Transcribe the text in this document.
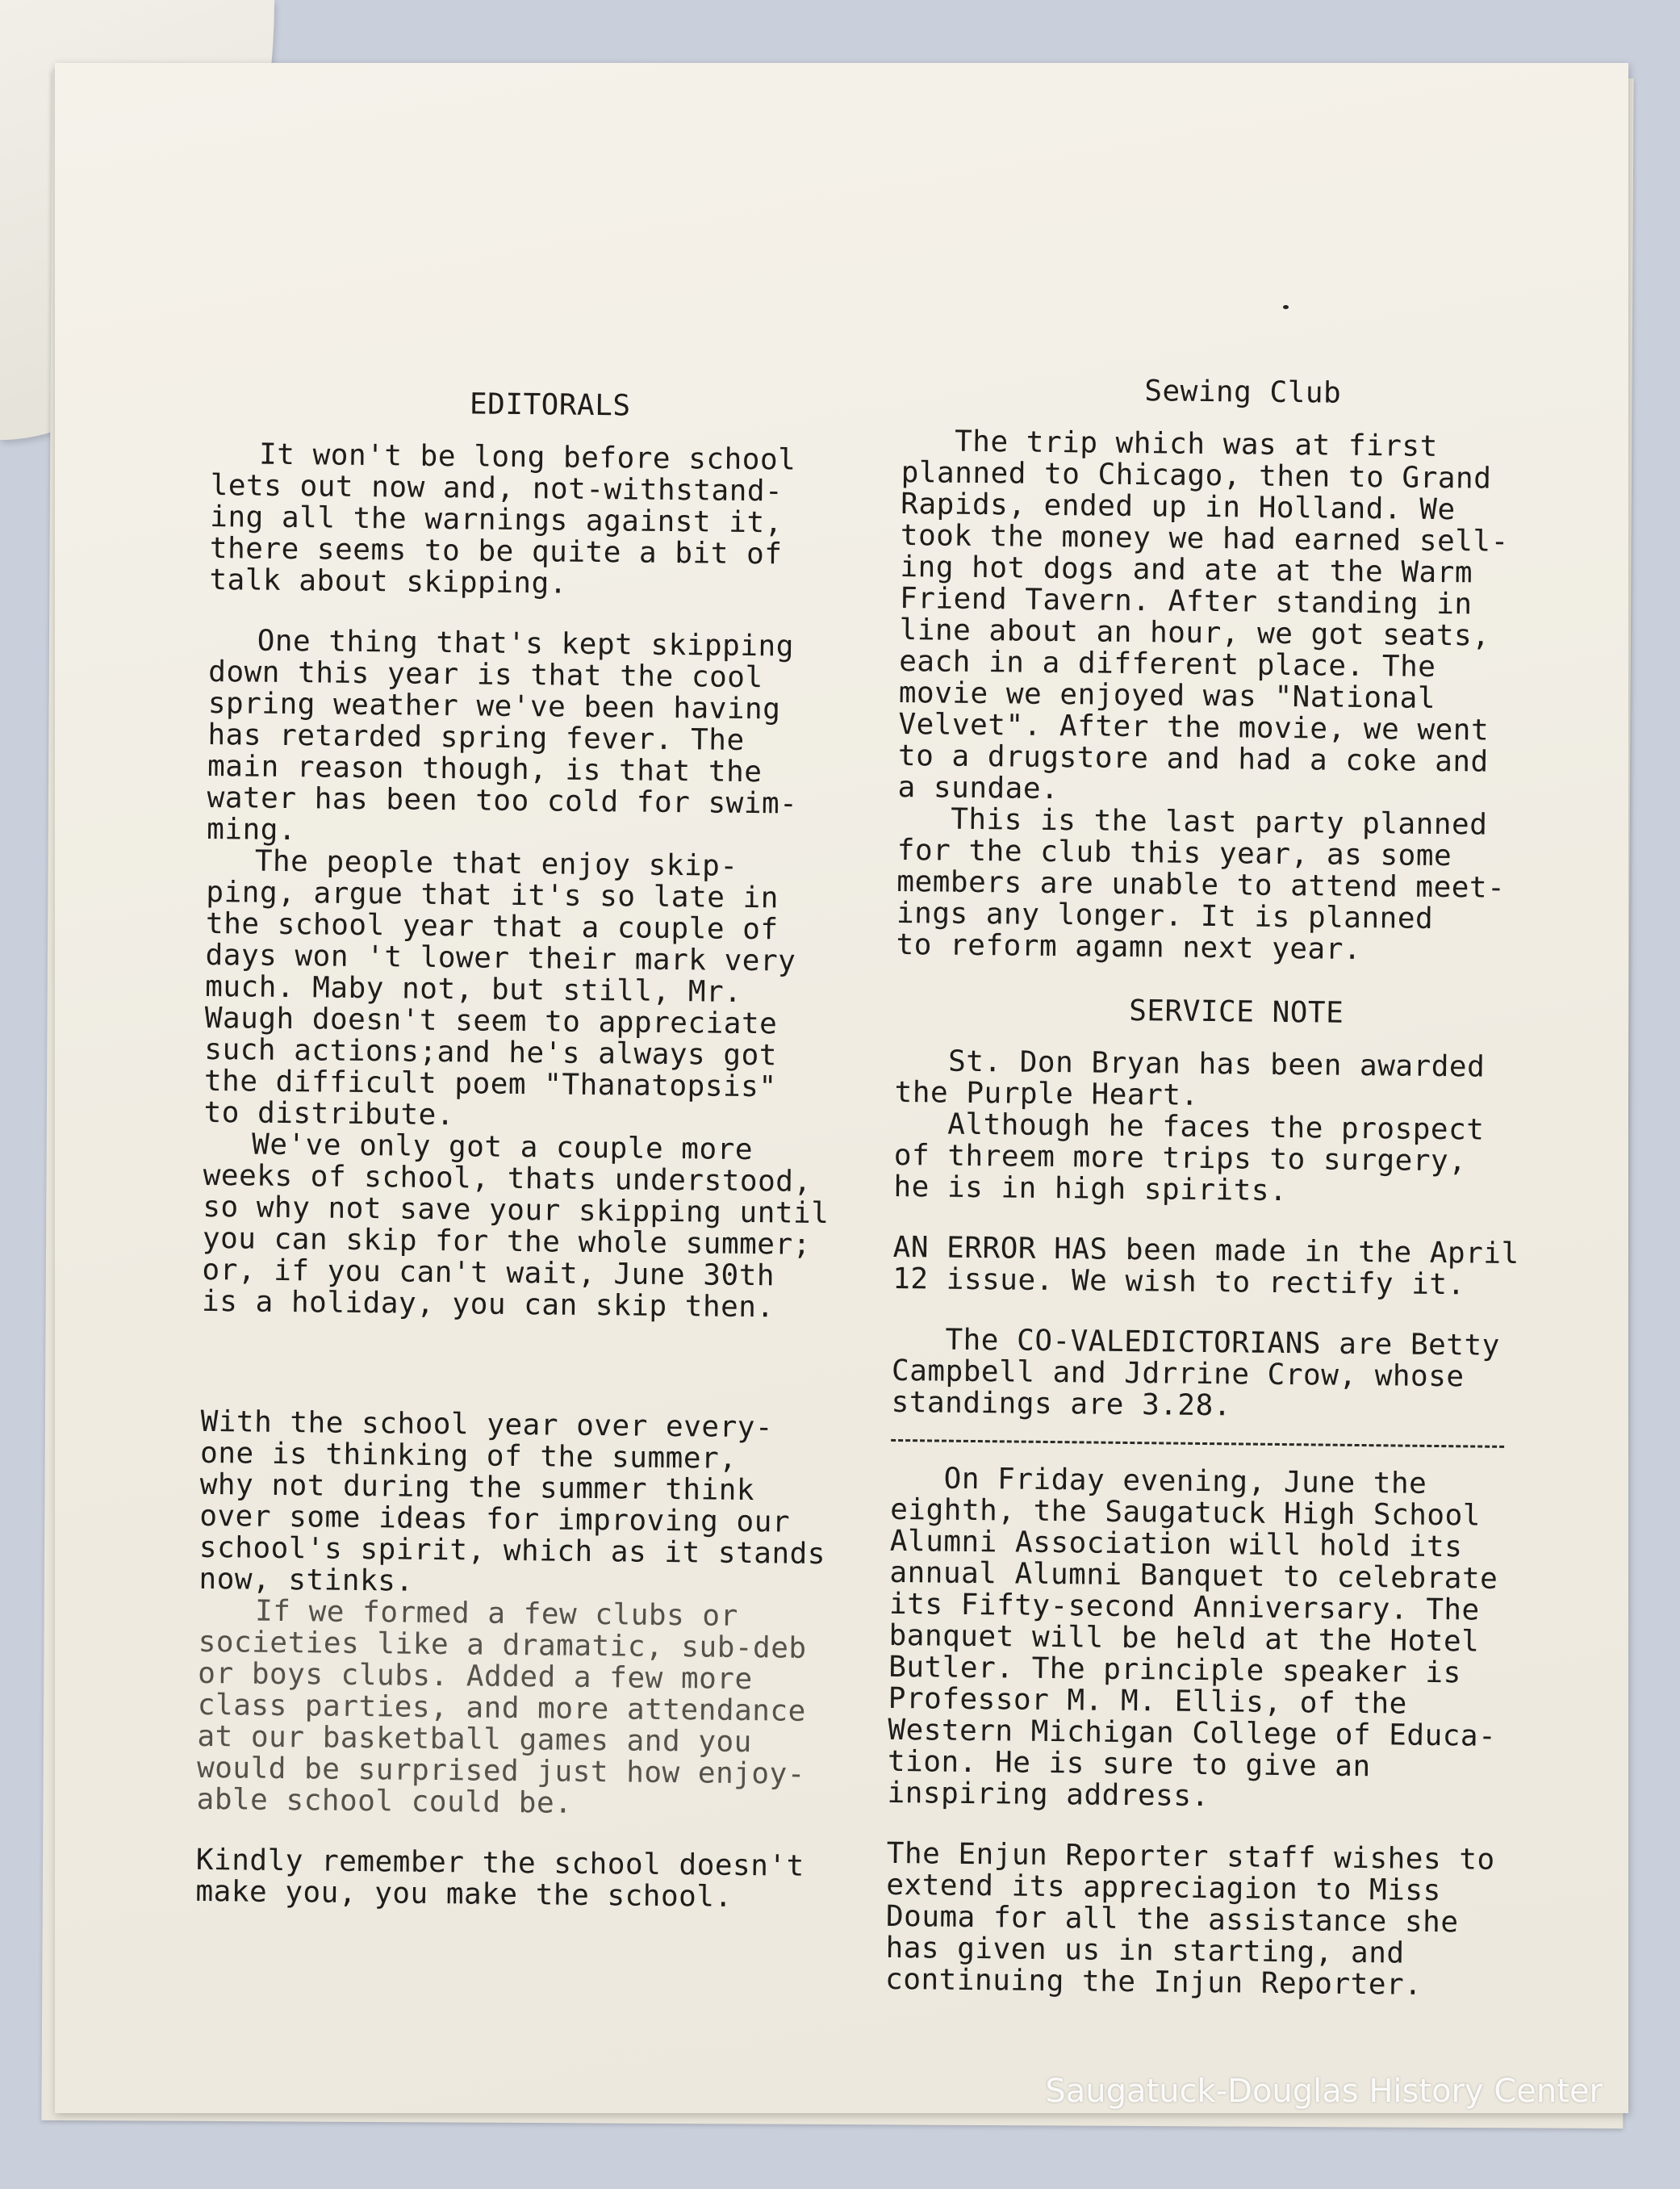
EDITORALS

It won't be long before school
lets out now and, not-withstand-
ing all the warnings against it,
there seems to be quite a bit of
talk about skipping.

One thing that's kept skipping
down this year is that the cool
spring weather we've been having
has retarded spring fever. The
main reason though, is that the
water has been too cold for swim-
ming.

The people that enjoy skip-
ping, argue that it's so late in
the school year that a couple of
days won 't lower their mark very
much. Maby not, but still, Mr.
Waugh doesn't seem to appreciate
such actions;and he's always got
the difficult poem "Thanatopsis"
to distribute.

We've only got a couple more
weeks of school, thats understood,
so why not save your skipping until
you can skip for the whole summer;
or, if you can't wait, June 30th
is a holiday, you can skip then.

With the school year over every-
one is thinking of the summer,
why not during the summer think
over some ideas for improving our
school's spirit, which as it stands
now, stinks.

If we formed a few clubs or
societies like a dramatic, sub-deb
or boys clubs. Added a few more
class parties, and more attendance
at our basketball games and you
would be surprised just how enjoy-
able school could be.

Kindly remember the school doesn't
make you, you make the school.

Sewing Club

The trip which was at first
planned to Chicago, then to Grand
Rapids, ended up in Holland. We
took the money we had earned sell-
ing hot dogs and ate at the Warm
Friend Tavern. After standing in
line about an hour, we got seats,
each in a different place. The
movie we enjoyed was "National
Velvet". After the movie, we went
to a drugstore and had a coke and
a sundae.

This is the last party planned
for the club this year, as some
members are unable to attend meet-
ings any longer. It is planned
to reform agamn next year.

SERVICE NOTE

St. Don Bryan has been awarded
the Purple Heart.

Although he faces the prospect
of threem more trips to surgery,
he is in high spirits.

AN ERROR HAS been made in the April
12 issue. We wish to rectify it.

The CO-VALEDICTORIANS are Betty
Campbell and Jdrrine Crow, whose
standings are 3.28.

On Friday evening, June the
eighth, the Saugatuck High School
Alumni Association will hold its
annual Alumni Banquet to celebrate
its Fifty-second Anniversary. The
banquet will be held at the Hotel
Butler. The principle speaker is
Professor M. M. Ellis, of the
Western Michigan College of Educa-
tion. He is sure to give an
inspiring address.

The Enjun Reporter staff wishes to
extend its appreciagion to Miss
Douma for all the assistance she
has given us in starting, and
continuing the Injun Reporter.

Saugatuck-Douglas History Center
